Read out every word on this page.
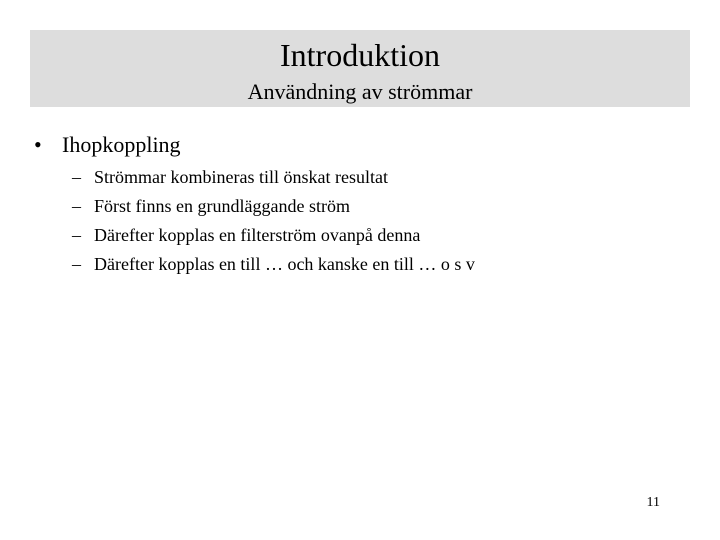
Introduktion
Användning av strömmar
• Ihopkoppling
– Strömmar kombineras till önskat resultat
– Först finns en grundläggande ström
– Därefter kopplas en filterström ovanpå denna
– Därefter kopplas en till … och kanske en till … o s v
11
